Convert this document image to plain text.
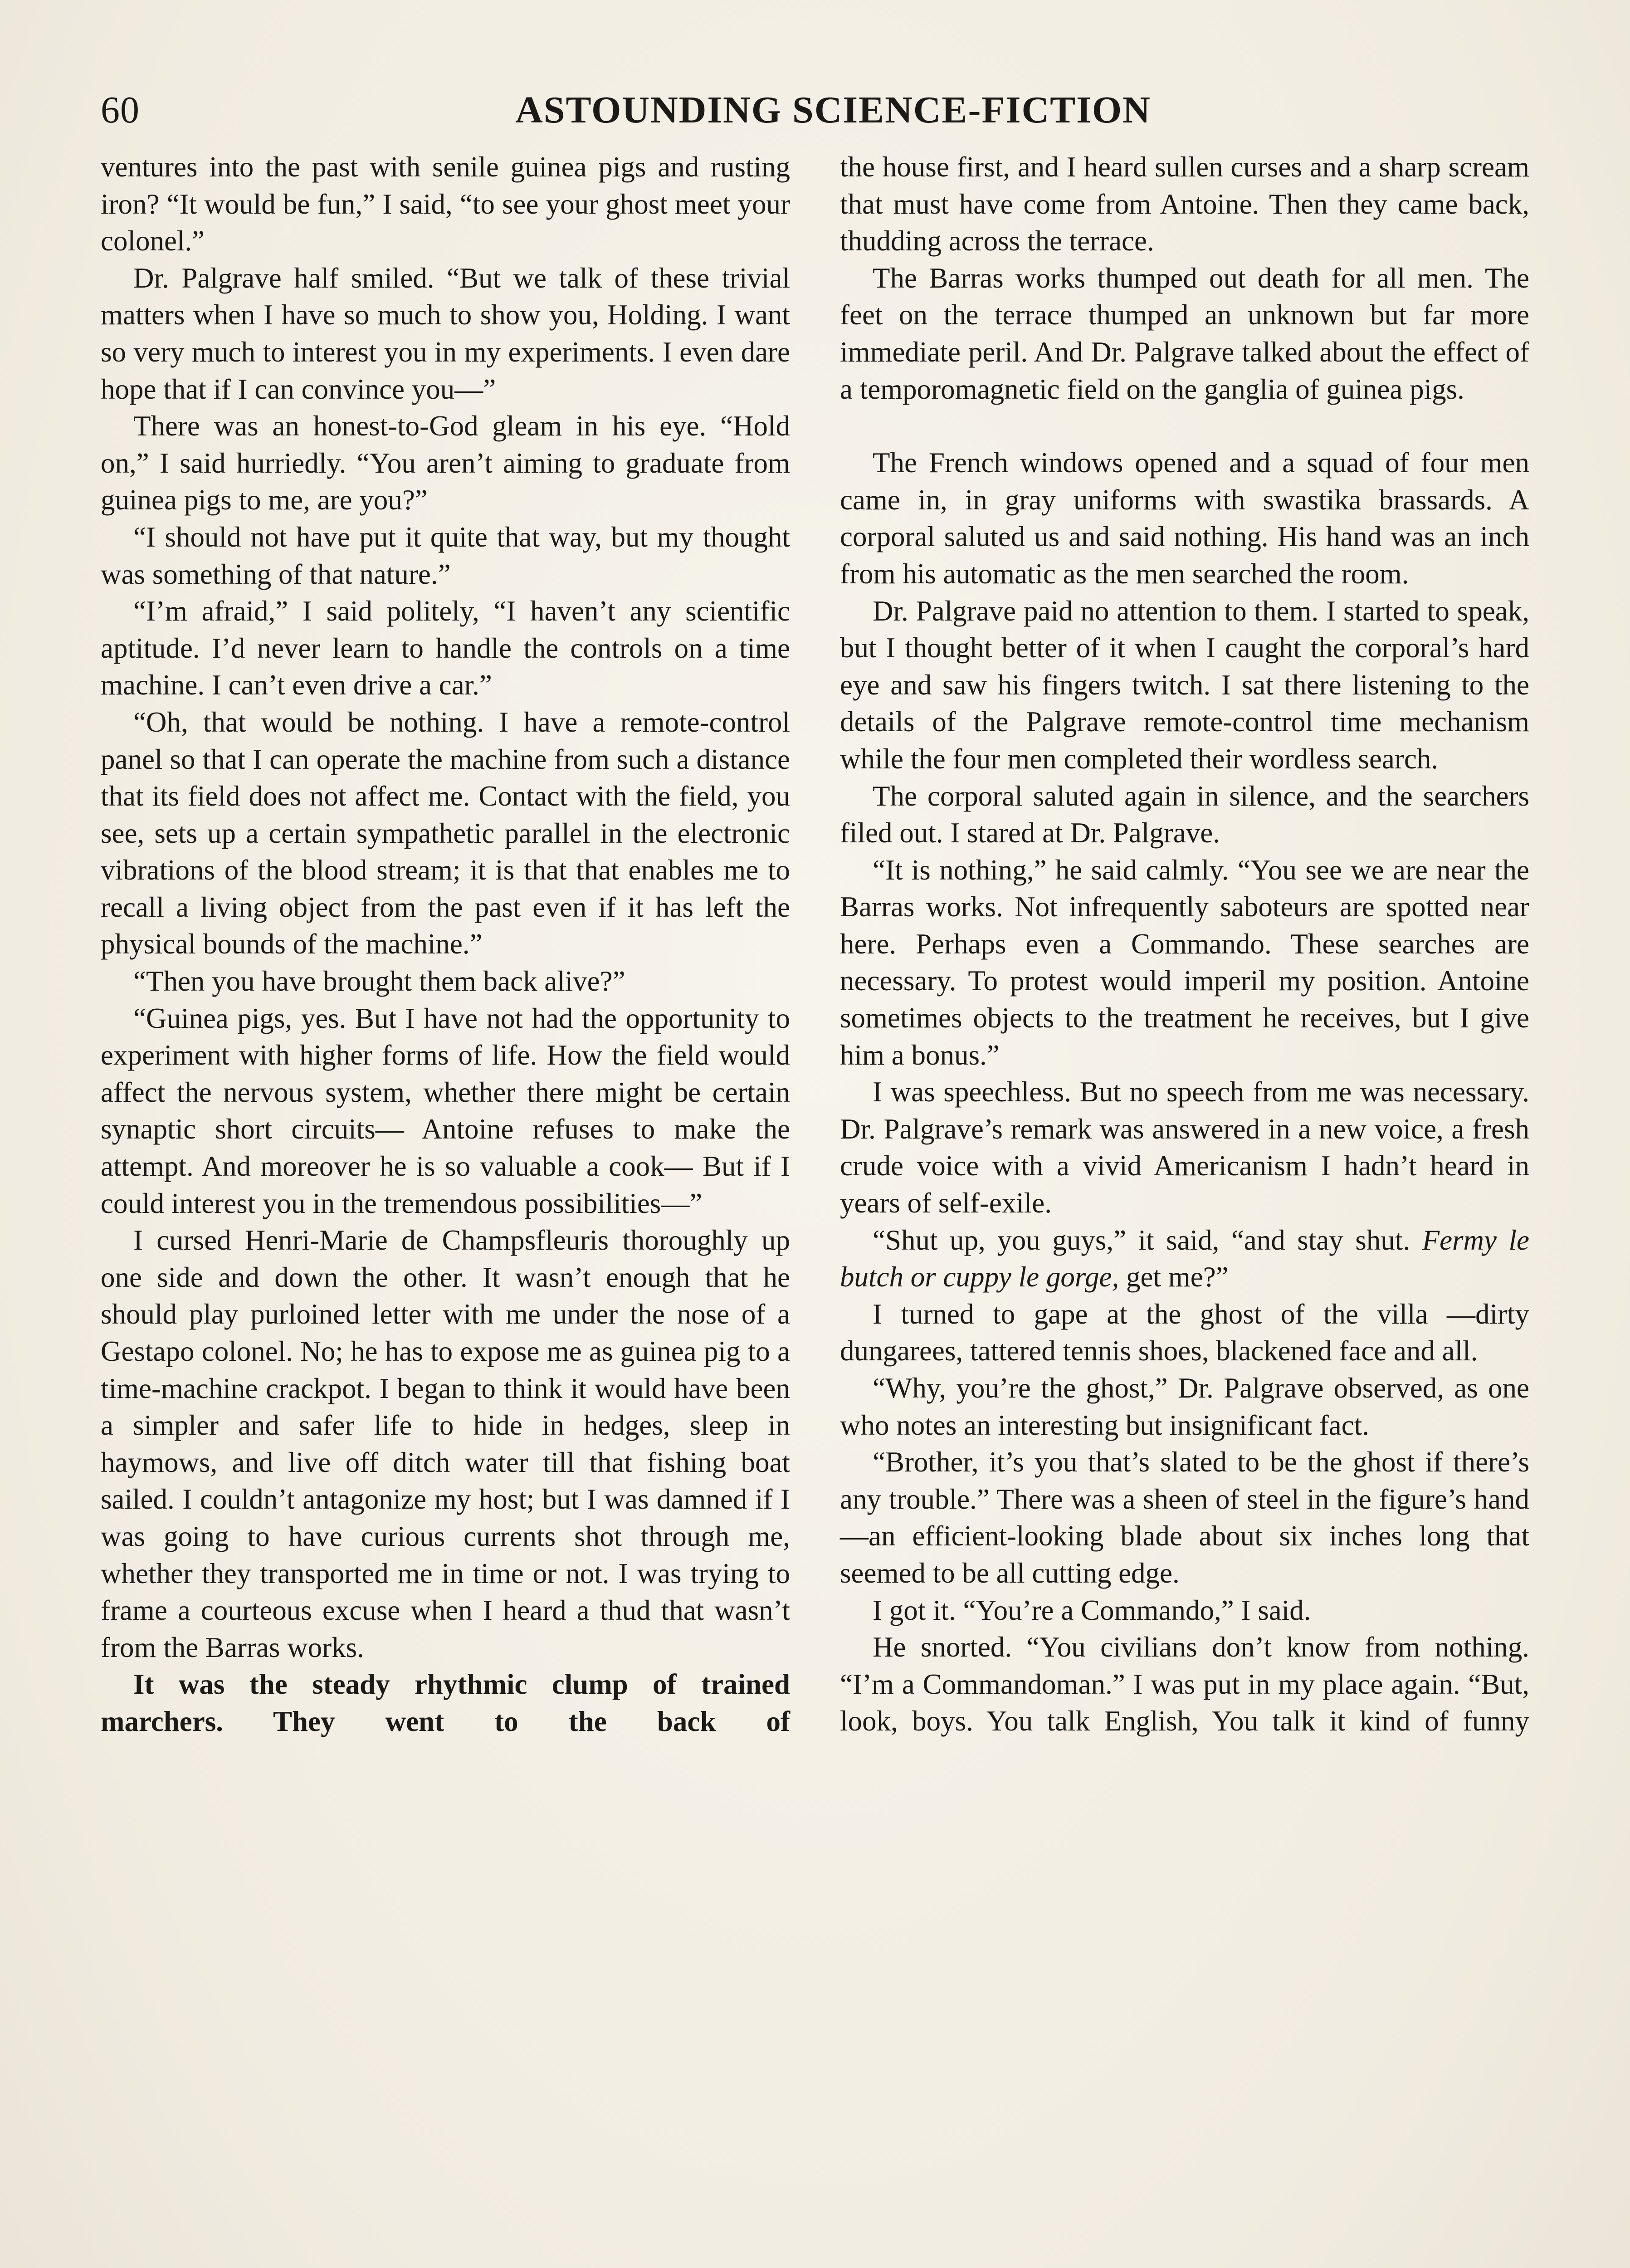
60	ASTOUNDING SCIENCE-FICTION

ventures into the past with senile guinea pigs and rusting iron? “It would be fun,” I said, “to see your ghost meet your colonel.”

Dr. Palgrave half smiled. “But we talk of these trivial matters when I have so much to show you, Holding. I want so very much to interest you in my experiments. I even dare hope that if I can convince you—”

There was an honest-to-God gleam in his eye. “Hold on,” I said hurriedly. “You aren’t aiming to graduate from guinea pigs to me, are you?”

“I should not have put it quite that way, but my thought was something of that nature.”

“I’m afraid,” I said politely, “I haven’t any scientific aptitude. I’d never learn to handle the controls on a time machine. I can’t even drive a car.”

“Oh, that would be nothing. I have a remote-control panel so that I can operate the machine from such a distance that its field does not affect me. Contact with the field, you see, sets up a certain sympathetic parallel in the electronic vibrations of the blood stream; it is that that enables me to recall a living object from the past even if it has left the physical bounds of the machine.”

“Then you have brought them back alive?”

“Guinea pigs, yes. But I have not had the opportunity to experiment with higher forms of life. How the field would affect the nervous system, whether there might be certain synaptic short circuits— Antoine refuses to make the attempt. And moreover he is so valuable a cook— But if I could interest you in the tremendous possibilities—”

I cursed Henri-Marie de Champsfleuris thoroughly up one side and down the other. It wasn’t enough that he should play purloined letter with me under the nose of a Gestapo colonel. No; he has to expose me as guinea pig to a time-machine crackpot. I began to think it would have been a simpler and safer life to hide in hedges, sleep in haymows, and live off ditch water till that fishing boat sailed. I couldn’t antagonize my host; but I was damned if I was going to have curious currents shot through me, whether they transported me in time or not. I was trying to frame a courteous excuse when I heard a thud that wasn’t from the Barras works.

It was the steady rhythmic clump of trained marchers. They went to the back of

the house first, and I heard sullen curses and a sharp scream that must have come from Antoine. Then they came back, thudding across the terrace.

The Barras works thumped out death for all men. The feet on the terrace thumped an unknown but far more immediate peril. And Dr. Palgrave talked about the effect of a temporomagnetic field on the ganglia of guinea pigs.

The French windows opened and a squad of four men came in, in gray uniforms with swastika brassards. A corporal saluted us and said nothing. His hand was an inch from his automatic as the men searched the room.

Dr. Palgrave paid no attention to them. I started to speak, but I thought better of it when I caught the corporal’s hard eye and saw his fingers twitch. I sat there listening to the details of the Palgrave remote-control time mechanism while the four men completed their wordless search.

The corporal saluted again in silence, and the searchers filed out. I stared at Dr. Palgrave.

“It is nothing,” he said calmly. “You see we are near the Barras works. Not infrequently saboteurs are spotted near here. Perhaps even a Commando. These searches are necessary. To protest would imperil my position. Antoine sometimes objects to the treatment he receives, but I give him a bonus.”

I was speechless. But no speech from me was necessary. Dr. Palgrave’s remark was answered in a new voice, a fresh crude voice with a vivid Americanism I hadn’t heard in years of self-exile.

“Shut up, you guys,” it said, “and stay shut. Fermy le butch or cuppy le gorge, get me?”

I turned to gape at the ghost of the villa —dirty dungarees, tattered tennis shoes, blackened face and all.

“Why, you’re the ghost,” Dr. Palgrave observed, as one who notes an interesting but insignificant fact.

“Brother, it’s you that’s slated to be the ghost if there’s any trouble.” There was a sheen of steel in the figure’s hand—an efficient-looking blade about six inches long that seemed to be all cutting edge.

I got it. “You’re a Commando,” I said.

He snorted. “You civilians don’t know from nothing. “I’m a Commandoman.” I was put in my place again. “But, look, boys. You talk English, You talk it kind of funny
